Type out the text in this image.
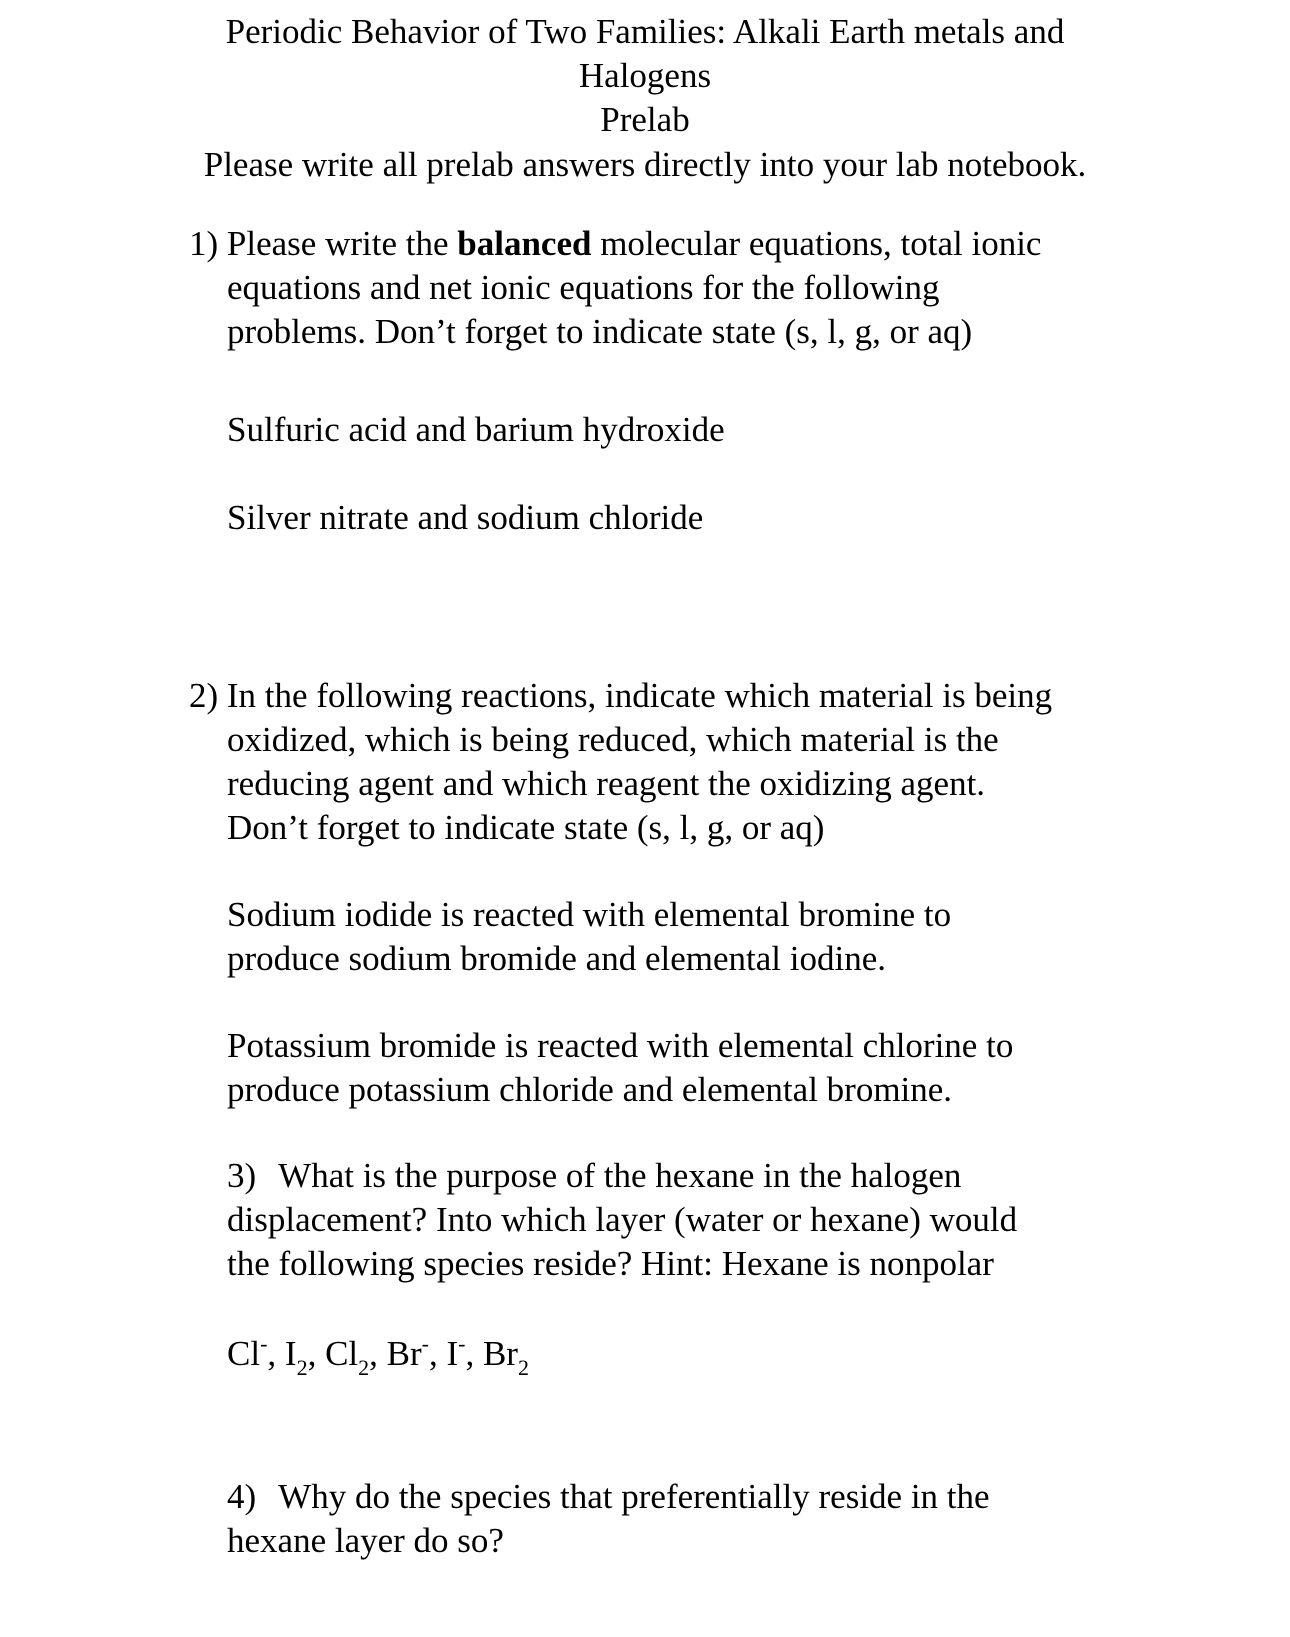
Periodic Behavior of Two Families: Alkali Earth metals and
Halogens
Prelab
Please write all prelab answers directly into your lab notebook.
1) Please write the balanced molecular equations, total ionic
equations and net ionic equations for the following
problems. Don’t forget to indicate state (s, l, g, or aq)
Sulfuric acid and barium hydroxide
Silver nitrate and sodium chloride
2) In the following reactions, indicate which material is being
oxidized, which is being reduced, which material is the
reducing agent and which reagent the oxidizing agent.
Don’t forget to indicate state (s, l, g, or aq)
Sodium iodide is reacted with elemental bromine to
produce sodium bromide and elemental iodine.
Potassium bromide is reacted with elemental chlorine to
produce potassium chloride and elemental bromine.
3) What is the purpose of the hexane in the halogen
displacement? Into which layer (water or hexane) would
the following species reside? Hint: Hexane is nonpolar
Cl-, $I_2$, $Cl_2$, Br-, I-, $Br_2$
4) Why do the species that preferentially reside in the
hexane layer do so?
